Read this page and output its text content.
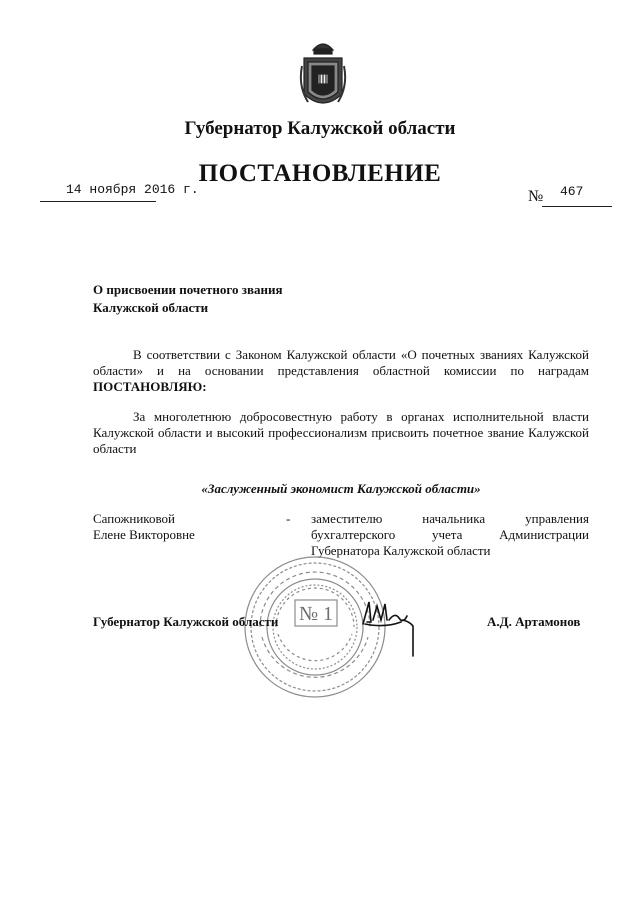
Губернатор Калужской области
ПОСТАНОВЛЕНИЕ
14 ноября 2016 г.	№ 467
О присвоении почетного звания
Калужской области
В соответствии с Законом Калужской области «О почетных званиях Калужской области» и на основании представления областной комиссии по наградам ПОСТАНОВЛЯЮ:
За многолетнюю добросовестную работу в органах исполнительной власти Калужской области и высокий профессионализм присвоить почетное звание Калужской области
«Заслуженный экономист Калужской области»
Сапожниковой
Елене Викторовне
- заместителю начальника управления бухгалтерского учета Администрации Губернатора Калужской области
№ 1
Губернатор Калужской области	А.Д. Артамонов
